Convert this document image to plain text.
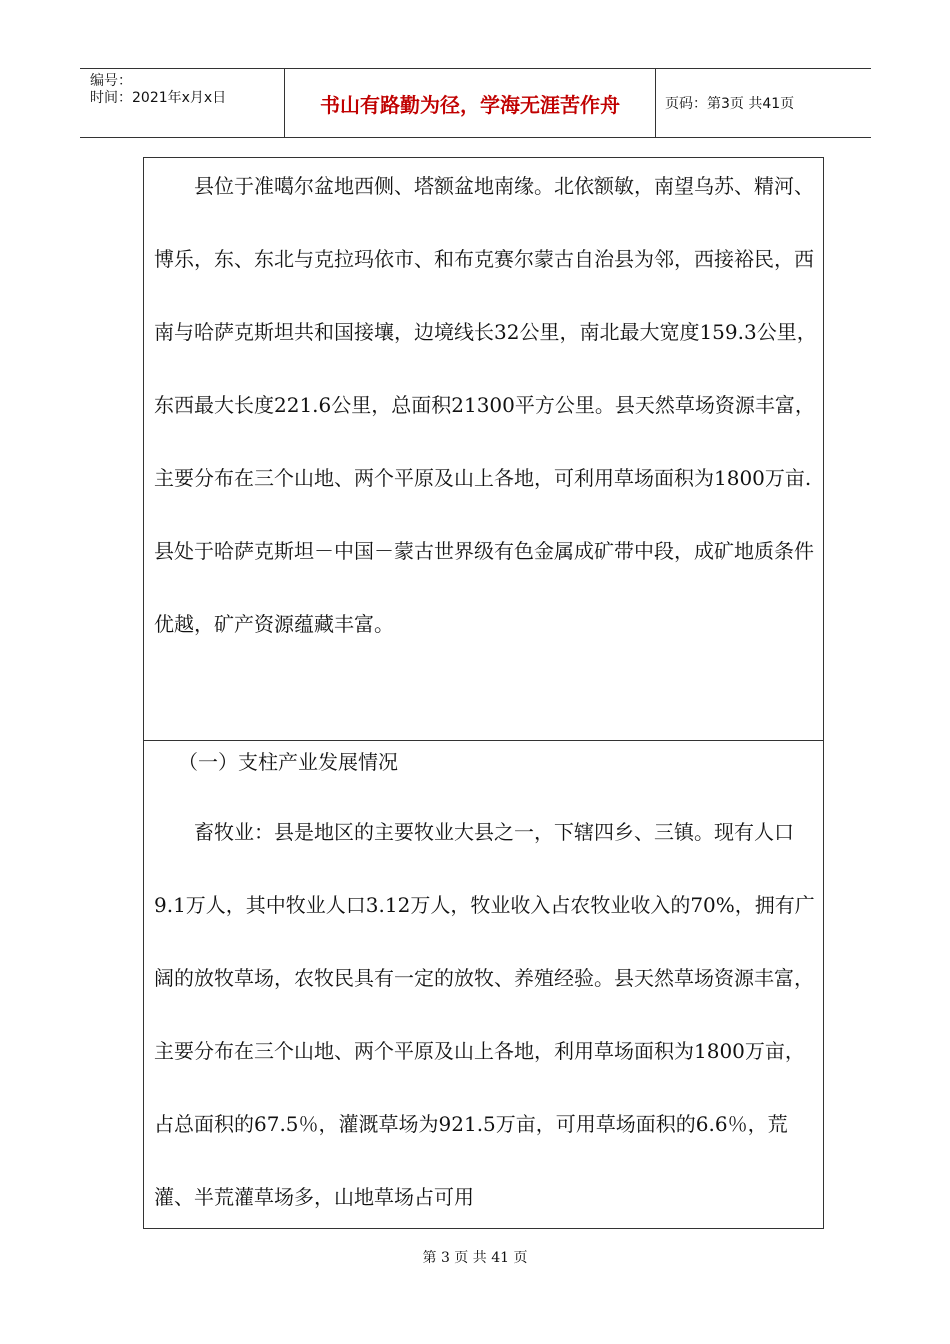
编号：
时间：2021年x月x日	书山有路勤为径，学海无涯苦作舟	页码：第3页 共41页

县位于准噶尔盆地西侧、塔额盆地南缘。北依额敏，南望乌苏、精河、博乐，东、东北与克拉玛依市、和布克赛尔蒙古自治县为邻，西接裕民，西南与哈萨克斯坦共和国接壤，边境线长32公里，南北最大宽度159.3公里，东西最大长度221.6公里，总面积21300平方公里。县天然草场资源丰富，主要分布在三个山地、两个平原及山上各地，可利用草场面积为1800万亩.县处于哈萨克斯坦－中国－蒙古世界级有色金属成矿带中段，成矿地质条件优越，矿产资源蕴藏丰富。

（一）支柱产业发展情况

畜牧业：县是地区的主要牧业大县之一，下辖四乡、三镇。现有人口9.1万人，其中牧业人口3.12万人，牧业收入占农牧业收入的70%，拥有广阔的放牧草场，农牧民具有一定的放牧、养殖经验。县天然草场资源丰富，主要分布在三个山地、两个平原及山上各地，利用草场面积为1800万亩，占总面积的67.5％，灌溉草场为921.5万亩，可用草场面积的6.6％，荒灌、半荒灌草场多，山地草场占可用

第 3 页 共 41 页
